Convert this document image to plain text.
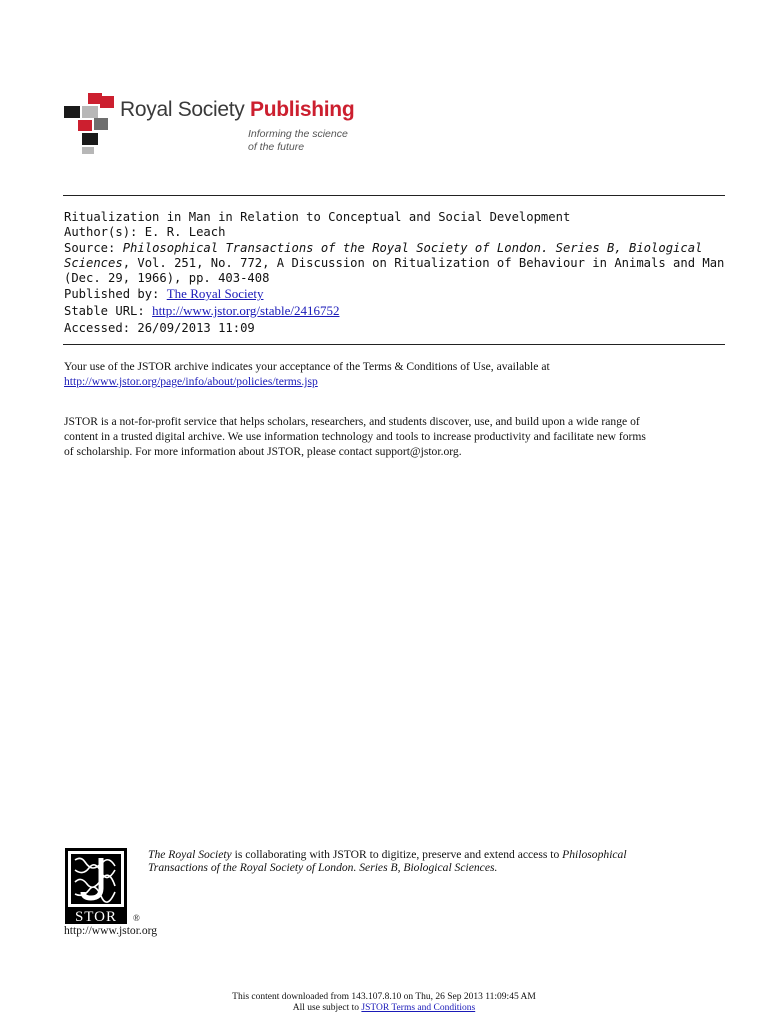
Royal Society Publishing
Informing the science
of the future
Ritualization in Man in Relation to Conceptual and Social Development
Author(s): E. R. Leach
Source: Philosophical Transactions of the Royal Society of London. Series B, Biological
Sciences, Vol. 251, No. 772, A Discussion on Ritualization of Behaviour in Animals and Man
(Dec. 29, 1966), pp. 403-408
Published by: The Royal Society
Stable URL: http://www.jstor.org/stable/2416752
Accessed: 26/09/2013 11:09
Your use of the JSTOR archive indicates your acceptance of the Terms & Conditions of Use, available at
http://www.jstor.org/page/info/about/policies/terms.jsp
JSTOR is a not-for-profit service that helps scholars, researchers, and students discover, use, and build upon a wide range of
content in a trusted digital archive. We use information technology and tools to increase productivity and facilitate new forms
of scholarship. For more information about JSTOR, please contact support@jstor.org.
STOR ®
http://www.jstor.org
The Royal Society is collaborating with JSTOR to digitize, preserve and extend access to Philosophical
Transactions of the Royal Society of London. Series B, Biological Sciences.
This content downloaded from 143.107.8.10 on Thu, 26 Sep 2013 11:09:45 AM
All use subject to JSTOR Terms and Conditions
